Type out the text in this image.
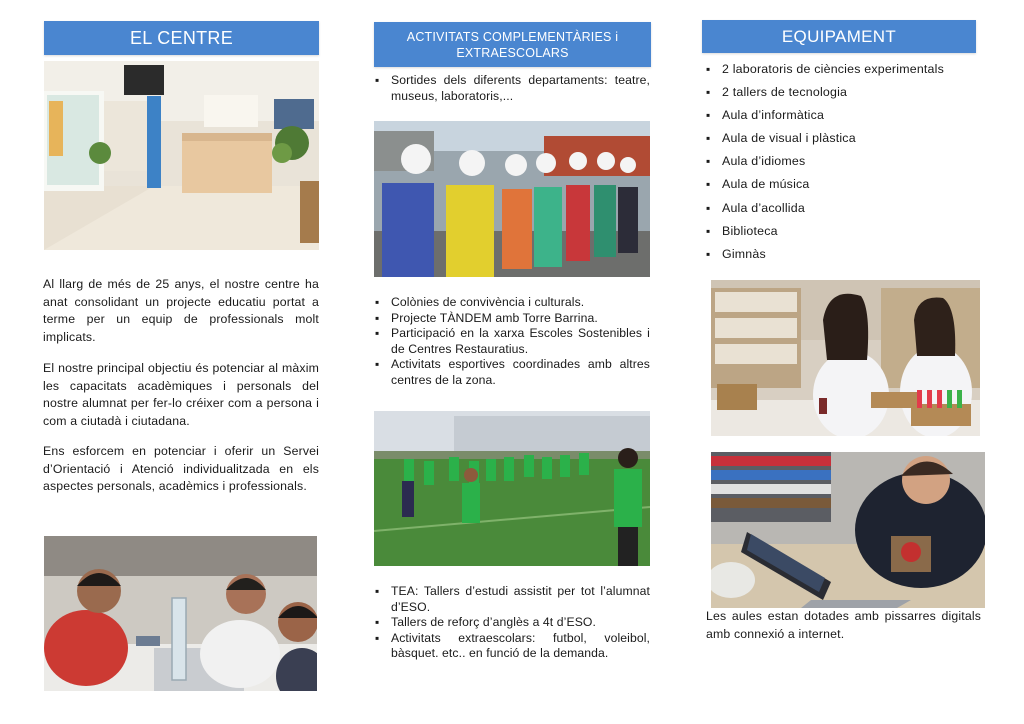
EL CENTRE
Al llarg de més de 25 anys, el nostre centre ha anat consolidant un projecte educatiu portat a terme per un equip de professionals molt implicats.
El nostre principal objectiu és potenciar al màxim les capacitats acadèmiques i personals del nostre alumnat per fer-lo créixer com a persona i com a ciutadà i ciutadana.
Ens esforcem en potenciar i oferir un Servei d’Orientació i Atenció individualitzada en els aspectes personals, acadèmics i professionals.
ACTIVITATS COMPLEMENTÀRIES i EXTRAESCOLARS
▪ Sortides dels diferents departaments: teatre, museus, laboratoris,...
▪ Colònies de convivència i culturals.
▪ Projecte TÀNDEM amb Torre Barrina.
▪ Participació en la xarxa Escoles Sostenibles i de Centres Restauratius.
▪ Activitats esportives coordinades amb altres centres de la zona.
▪ TEA: Tallers d’estudi assistit per tot l’alumnat d’ESO.
▪ Tallers de reforç d’anglès a 4t d’ESO.
▪ Activitats extraescolars: futbol, voleibol, bàsquet. etc.. en funció de la demanda.
EQUIPAMENT
▪ 2 laboratoris de ciències experimentals
▪ 2 tallers de tecnologia
▪ Aula d’informàtica
▪ Aula de visual i plàstica
▪ Aula d’idiomes
▪ Aula de música
▪ Aula d’acollida
▪ Biblioteca
▪ Gimnàs
Les aules estan dotades amb pissarres digitals amb connexió a internet.
